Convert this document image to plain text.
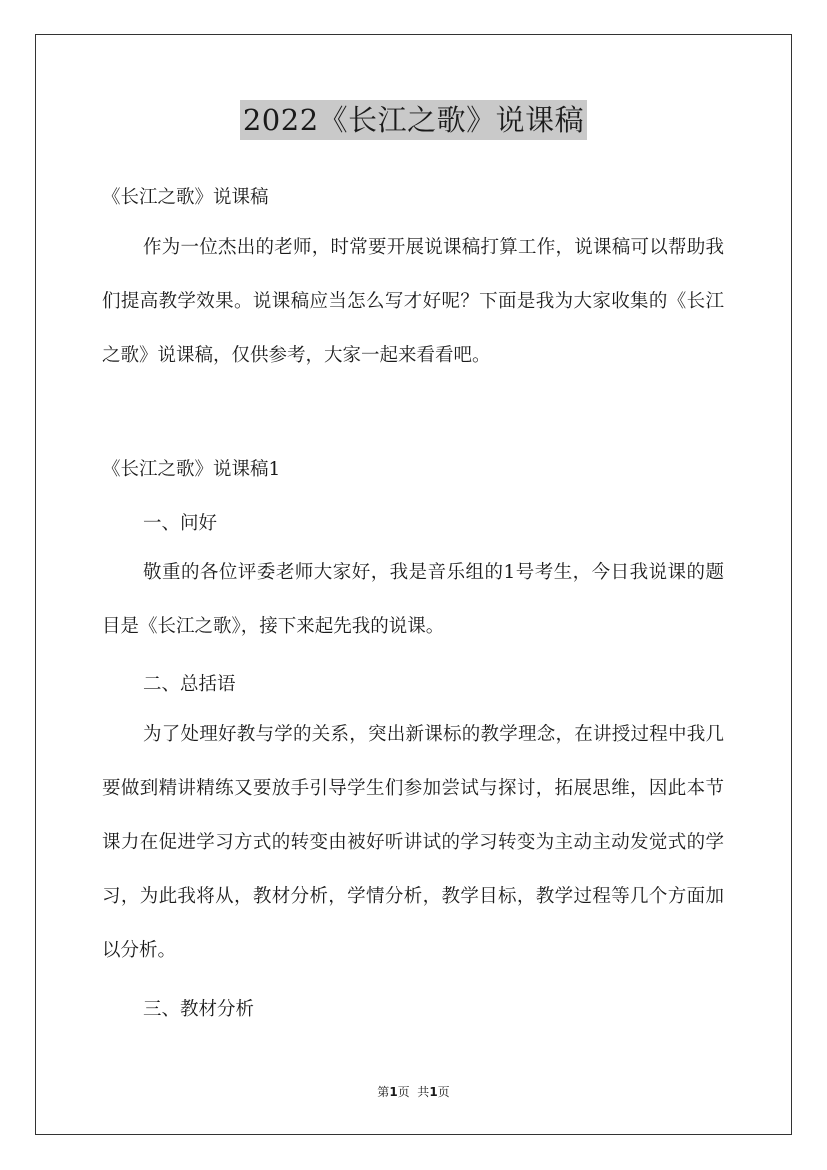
2022《长江之歌》说课稿
《长江之歌》说课稿
作为一位杰出的老师，时常要开展说课稿打算工作，说课稿可以帮助我们提高教学效果。说课稿应当怎么写才好呢？下面是我为大家收集的《长江之歌》说课稿，仅供参考，大家一起来看看吧。
《长江之歌》说课稿1
一、问好
敬重的各位评委老师大家好，我是音乐组的1号考生，今日我说课的题目是《长江之歌》，接下来起先我的说课。
二、总括语
为了处理好教与学的关系，突出新课标的教学理念，在讲授过程中我几要做到精讲精练又要放手引导学生们参加尝试与探讨，拓展思维，因此本节课力在促进学习方式的转变由被好听讲试的学习转变为主动主动发觉式的学习，为此我将从，教材分析，学情分析，教学目标，教学过程等几个方面加以分析。
三、教材分析
第1页  共1页
